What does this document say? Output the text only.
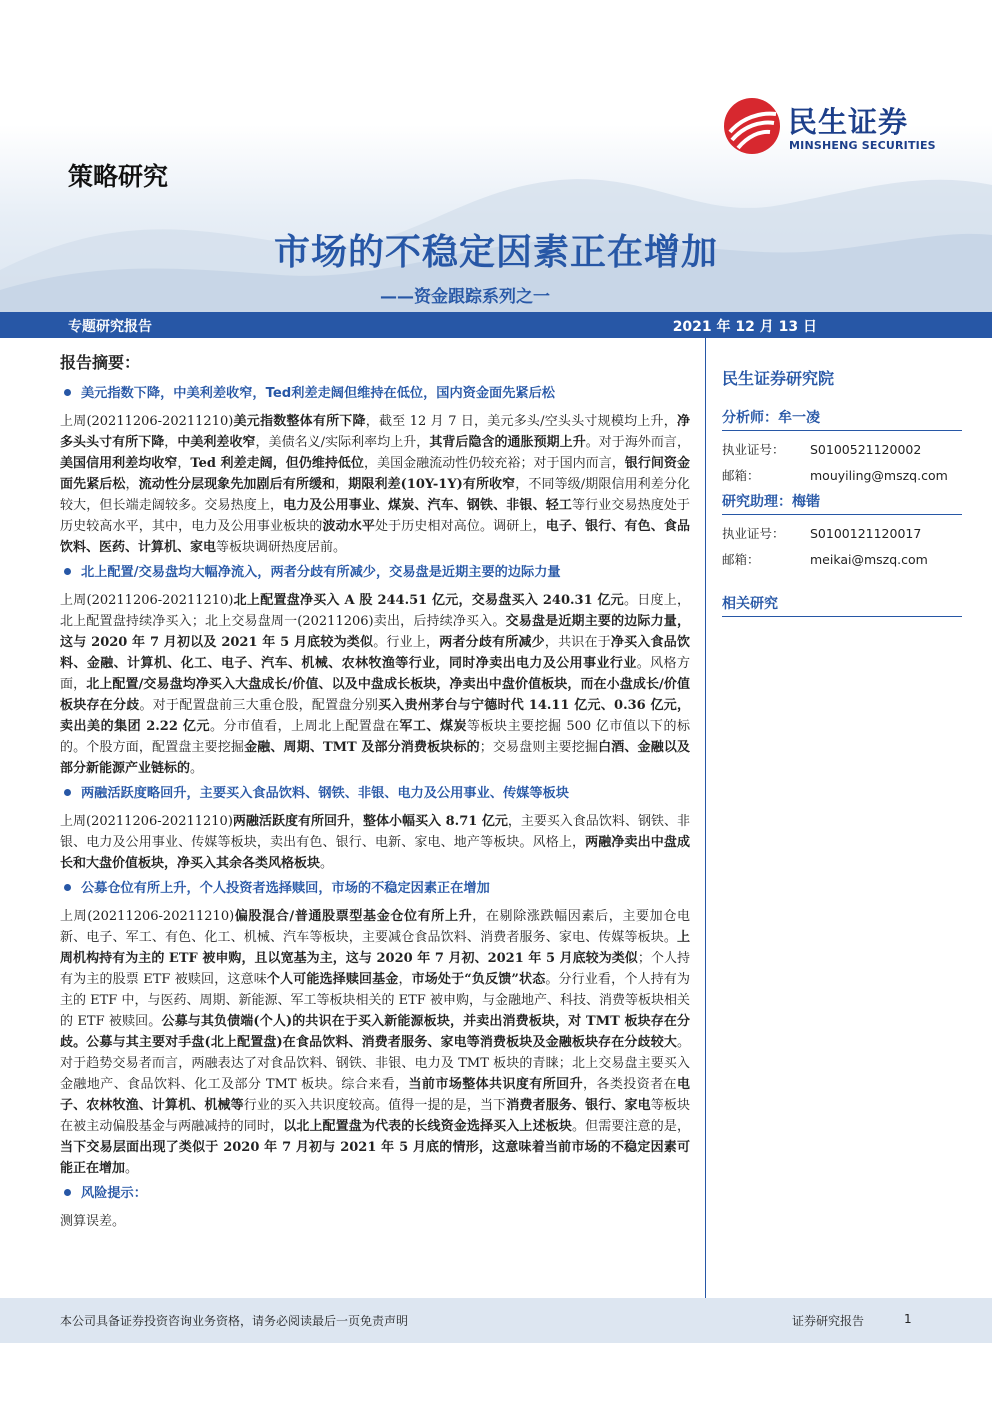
民生证券
MINSHENG SECURITIES
策略研究
市场的不稳定因素正在增加
——资金跟踪系列之一
专题研究报告	2021 年 12 月 13 日
报告摘要：
美元指数下降，中美利差收窄，Ted利差走阔但维持在低位，国内资金面先紧后松
上周(20211206-20211210)美元指数整体有所下降，截至 12 月 7 日，美元多头/空头头寸规模均上升，净多头头寸有所下降，中美利差收窄，美债名义/实际利率均上升，其背后隐含的通胀预期上升。对于海外而言，美国信用利差均收窄，Ted 利差走阔，但仍维持低位，美国金融流动性仍较充裕；对于国内而言，银行间资金面先紧后松，流动性分层现象先加剧后有所缓和，期限利差(10Y-1Y)有所收窄，不同等级/期限信用利差分化较大，但长端走阔较多。交易热度上，电力及公用事业、煤炭、汽车、钢铁、非银、轻工等行业交易热度处于历史较高水平，其中，电力及公用事业板块的波动水平处于历史相对高位。调研上，电子、银行、有色、食品饮料、医药、计算机、家电等板块调研热度居前。
北上配置/交易盘均大幅净流入，两者分歧有所减少，交易盘是近期主要的边际力量
上周(20211206-20211210)北上配置盘净买入 A 股 244.51 亿元，交易盘买入 240.31 亿元。日度上，北上配置盘持续净买入；北上交易盘周一(20211206)卖出，后持续净买入。交易盘是近期主要的边际力量，这与 2020 年 7 月初以及 2021 年 5 月底较为类似。行业上，两者分歧有所减少，共识在于净买入食品饮料、金融、计算机、化工、电子、汽车、机械、农林牧渔等行业，同时净卖出电力及公用事业行业。风格方面，北上配置/交易盘均净买入大盘成长/价值、以及中盘成长板块，净卖出中盘价值板块，而在小盘成长/价值板块存在分歧。对于配置盘前三大重仓股，配置盘分别买入贵州茅台与宁德时代 14.11 亿元、0.36 亿元，卖出美的集团 2.22 亿元。分市值看，上周北上配置盘在军工、煤炭等板块主要挖掘 500 亿市值以下的标的。个股方面，配置盘主要挖掘金融、周期、TMT 及部分消费板块标的；交易盘则主要挖掘白酒、金融以及部分新能源产业链标的。
两融活跃度略回升，主要买入食品饮料、钢铁、非银、电力及公用事业、传媒等板块
上周(20211206-20211210)两融活跃度有所回升，整体小幅买入 8.71 亿元，主要买入食品饮料、钢铁、非银、电力及公用事业、传媒等板块，卖出有色、银行、电新、家电、地产等板块。风格上，两融净卖出中盘成长和大盘价值板块，净买入其余各类风格板块。
公募仓位有所上升，个人投资者选择赎回，市场的不稳定因素正在增加
上周(20211206-20211210)偏股混合/普通股票型基金仓位有所上升，在剔除涨跌幅因素后，主要加仓电新、电子、军工、有色、化工、机械、汽车等板块，主要减仓食品饮料、消费者服务、家电、传媒等板块。上周机构持有为主的 ETF 被申购，且以宽基为主，这与 2020 年 7 月初、2021 年 5 月底较为类似；个人持有为主的股票 ETF 被赎回，这意味个人可能选择赎回基金，市场处于“负反馈”状态。分行业看，个人持有为主的 ETF 中，与医药、周期、新能源、军工等板块相关的 ETF 被申购，与金融地产、科技、消费等板块相关的 ETF 被赎回。公募与其负债端(个人)的共识在于买入新能源板块，并卖出消费板块，对 TMT 板块存在分歧。公募与其主要对手盘(北上配置盘)在食品饮料、消费者服务、家电等消费板块及金融板块存在分歧较大。对于趋势交易者而言，两融表达了对食品饮料、钢铁、非银、电力及 TMT 板块的青睐；北上交易盘主要买入金融地产、食品饮料、化工及部分 TMT 板块。综合来看，当前市场整体共识度有所回升，各类投资者在电子、农林牧渔、计算机、机械等行业的买入共识度较高。值得一提的是，当下消费者服务、银行、家电等板块在被主动偏股基金与两融减持的同时，以北上配置盘为代表的长线资金选择买入上述板块。但需要注意的是，当下交易层面出现了类似于 2020 年 7 月初与 2021 年 5 月底的情形，这意味着当前市场的不稳定因素可能正在增加。
风险提示：
测算误差。
民生证券研究院
分析师：牟一凌
执业证号：	S0100521120002
邮箱：	mouyiling@mszq.com
研究助理：梅锴
执业证号：	S0100121120017
邮箱：	meikai@mszq.com
相关研究
本公司具备证券投资咨询业务资格，请务必阅读最后一页免责声明	证券研究报告	1
